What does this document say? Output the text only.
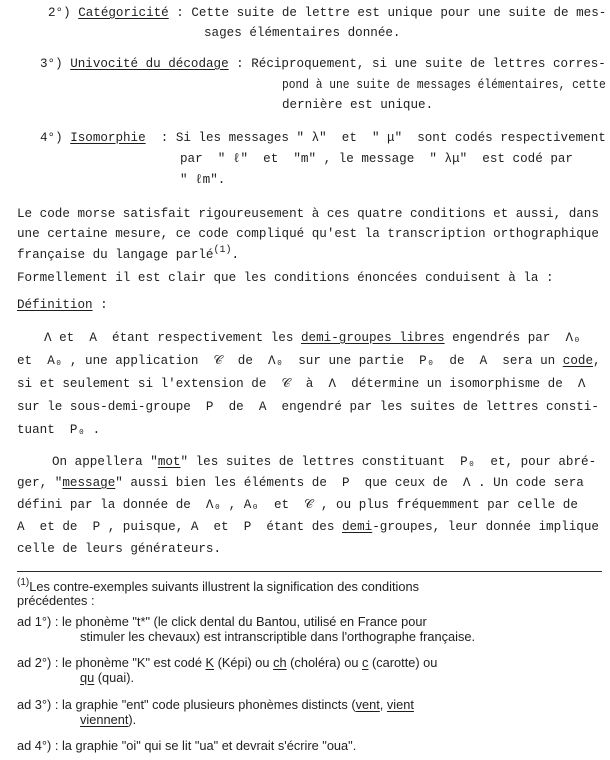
2°) Catégoricité : Cette suite de lettre est unique pour une suite de mes-
sages élémentaires donnée.
3°) Univocité du décodage : Réciproquement, si une suite de lettres corres-
pond à une suite de messages élémentaires, cette
dernière est unique.
4°) Isomorphie  : Si les messages " λ"  et  " μ"  sont codés respectivement
par  " ℓ"  et  "m" , le message  " λμ"  est codé par
" ℓm".
Le code morse satisfait rigoureusement à ces quatre conditions et aussi, dans
une certaine mesure, ce code compliqué qu'est la transcription orthographique
française du langage parlé$^{(1)}$.
Formellement il est clair que les conditions énoncées conduisent à la :
Définition :
Λ et  A  étant respectivement les demi-groupes libres engendrés par  Λ₀
et  A₀ , une application  𝒞  de  Λ₀  sur une partie  P₀  de  A  sera un code,
si et seulement si l'extension de  𝒞  à  Λ  détermine un isomorphisme de  Λ
sur le sous-demi-groupe  P  de  A  engendré par les suites de lettres consti-
tuant  P₀ .
On appellera "mot" les suites de lettres constituant  P₀  et, pour abré-
ger, "message" aussi bien les éléments de  P  que ceux de  Λ . Un code sera
défini par la donnée de  Λ₀ , A₀  et  𝒞 , ou plus fréquemment par celle de
A  et de  P , puisque, A  et  P  étant des demi-groupes, leur donnée implique
celle de leurs générateurs.
$^{(1)}$Les contre-exemples suivants illustrent la signification des conditions
précédentes :
ad 1°) : le phonème "t*" (le click dental du Bantou, utilisé en France pour
stimuler les chevaux) est intranscriptible dans l'orthographe française.
ad 2°) : le phonème "K" est codé K (Képi) ou ch (choléra) ou c (carotte) ou
qu (quai).
ad 3°) : la graphie "ent" code plusieurs phonèmes distincts (vent, vient
viennent).
ad 4°) : la graphie "oi" qui se lit "ua" et devrait s'écrire "oua".
